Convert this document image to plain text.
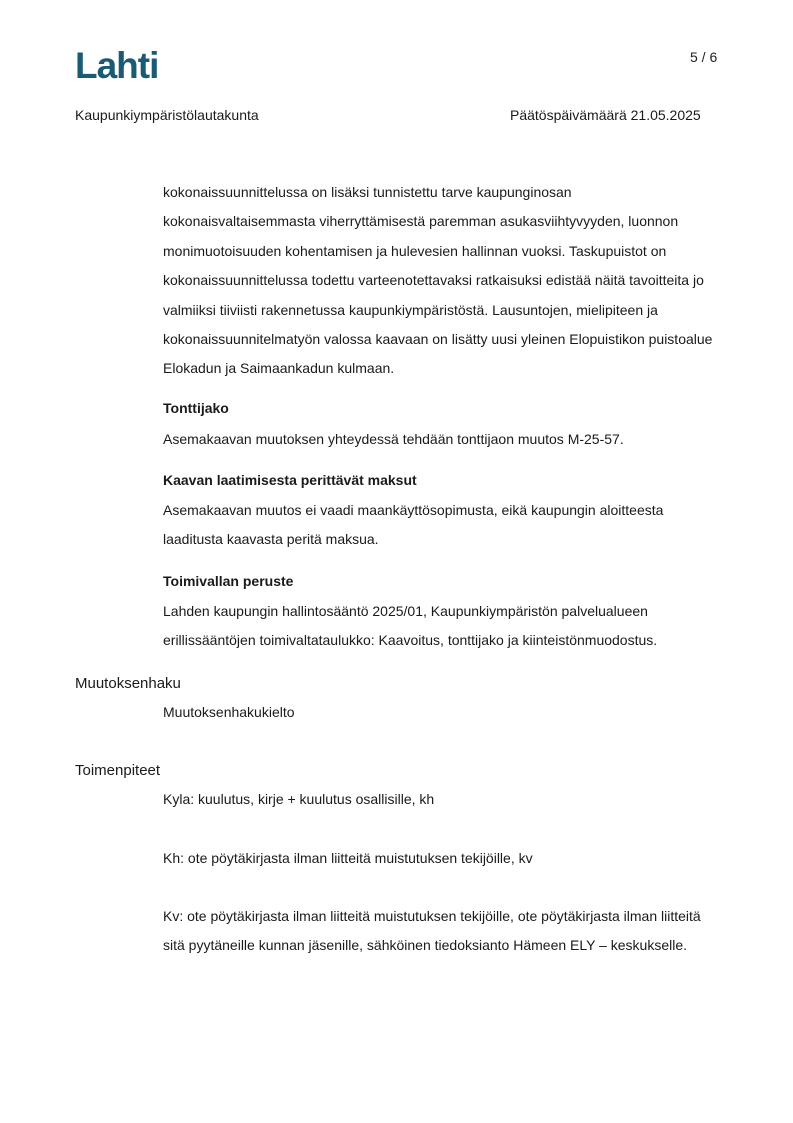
Lahti	5 / 6
Kaupunkiympäristölautakunta	Päätöspäivämäärä 21.05.2025

kokonaissuunnittelussa on lisäksi tunnistettu tarve kaupunginosan kokonaisvaltaisemmasta viherryttämisestä paremman asukasviihtyvyyden, luonnon monimuotoisuuden kohentamisen ja hulevesien hallinnan vuoksi. Taskupuistot on kokonaissuunnittelussa todettu varteenotettavaksi ratkaisuksi edistää näitä tavoitteita jo valmiiksi tiiviisti rakennetussa kaupunkiympäristöstä. Lausuntojen, mielipiteen ja kokonaissuunnitelmatyön valossa kaavaan on lisätty uusi yleinen Elopuistikon puistoalue Elokadun ja Saimaankadun kulmaan.

Tonttijako

Asemakaavan muutoksen yhteydessä tehdään tonttijaon muutos M-25-57.

Kaavan laatimisesta perittävät maksut

Asemakaavan muutos ei vaadi maankäyttösopimusta, eikä kaupungin aloitteesta laaditusta kaavasta peritä maksua.

Toimivallan peruste

Lahden kaupungin hallintosääntö 2025/01, Kaupunkiympäristön palvelualueen erillissääntöjen toimivaltataulukko: Kaavoitus, tonttijako ja kiinteistönmuodostus.

Muutoksenhaku

Muutoksenhakukielto

Toimenpiteet

Kyla: kuulutus, kirje + kuulutus osallisille, kh

Kh: ote pöytäkirjasta ilman liitteitä muistutuksen tekijöille, kv

Kv: ote pöytäkirjasta ilman liitteitä muistutuksen tekijöille, ote pöytäkirjasta ilman liitteitä sitä pyytäneille kunnan jäsenille, sähköinen tiedoksianto Hämeen ELY – keskukselle.
